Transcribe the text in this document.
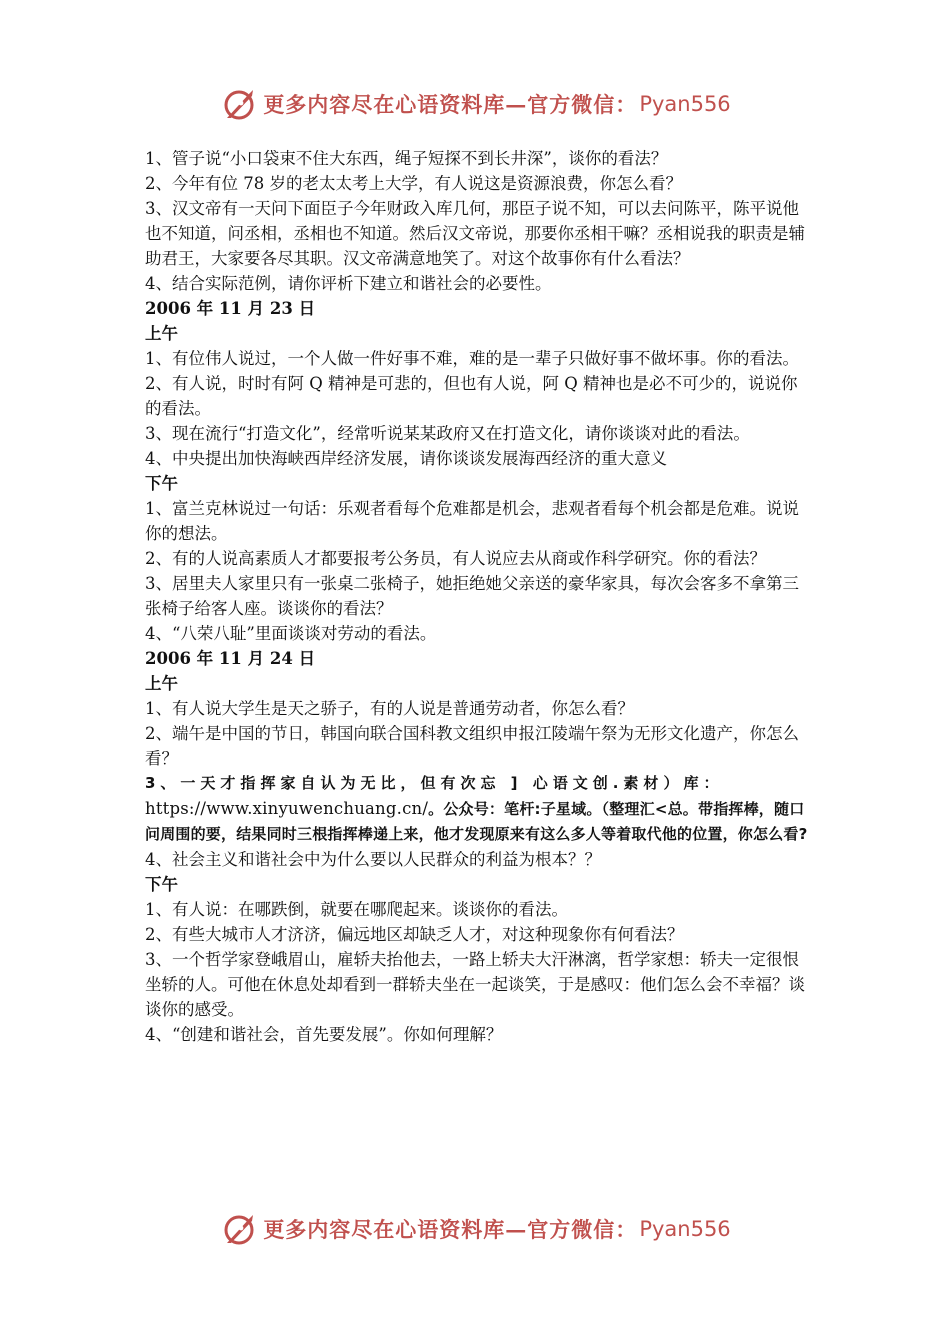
更多内容尽在心语资料库—官方微信： Pyan556

1、管子说“小口袋束不住大东西，绳子短探不到长井深”，谈你的看法？

2、今年有位 78 岁的老太太考上大学，有人说这是资源浪费，你怎么看？

3、汉文帝有一天问下面臣子今年财政入库几何，那臣子说不知，可以去问陈平，陈平说他也不知道，问丞相，丞相也不知道。然后汉文帝说，那要你丞相干嘛？丞相说我的职责是辅助君王，大家要各尽其职。汉文帝满意地笑了。对这个故事你有什么看法？

4、结合实际范例，请你评析下建立和谐社会的必要性。

2006 年 11 月 23 日

上午

1、有位伟人说过，一个人做一件好事不难，难的是一辈子只做好事不做坏事。你的看法。

2、有人说，时时有阿 Q 精神是可悲的，但也有人说，阿 Q 精神也是必不可少的，说说你的看法。

3、现在流行“打造文化”，经常听说某某政府又在打造文化，请你谈谈对此的看法。

4、中央提出加快海峡西岸经济发展，请你谈谈发展海西经济的重大意义

下午

1、富兰克林说过一句话：乐观者看每个危难都是机会，悲观者看每个机会都是危难。说说你的想法。

2、有的人说高素质人才都要报考公务员，有人说应去从商或作科学研究。你的看法？

3、居里夫人家里只有一张桌二张椅子，她拒绝她父亲送的豪华家具，每次会客多不拿第三张椅子给客人座。谈谈你的看法？

4、“八荣八耻”里面谈谈对劳动的看法。

2006 年 11 月 24 日

上午

1、有人说大学生是天之骄子，有的人说是普通劳动者，你怎么看？

2、端午是中国的节日，韩国向联合国科教文组织申报江陵端午祭为无形文化遗产，你怎么看？

3、一天才指挥家自认为无比，但有次忘 ] 心语文创.素材）库：https://www.xinyuwenchuang.cn/。公众号：笔杆:子星域。（整理汇<总。带指挥棒，随口问周围的要，结果同时三根指挥棒递上来，他才发现原来有这么多人等着取代他的位置，你怎么看?

4、社会主义和谐社会中为什么要以人民群众的利益为根本？？

下午

1、有人说：在哪跌倒，就要在哪爬起来。谈谈你的看法。

2、有些大城市人才济济，偏远地区却缺乏人才，对这种现象你有何看法？

3、一个哲学家登峨眉山，雇轿夫抬他去，一路上轿夫大汗淋漓，哲学家想：轿夫一定很恨坐轿的人。可他在休息处却看到一群轿夫坐在一起谈笑，于是感叹：他们怎么会不幸福？谈谈你的感受。

4、“创建和谐社会，首先要发展”。你如何理解？

更多内容尽在心语资料库—官方微信： Pyan556
